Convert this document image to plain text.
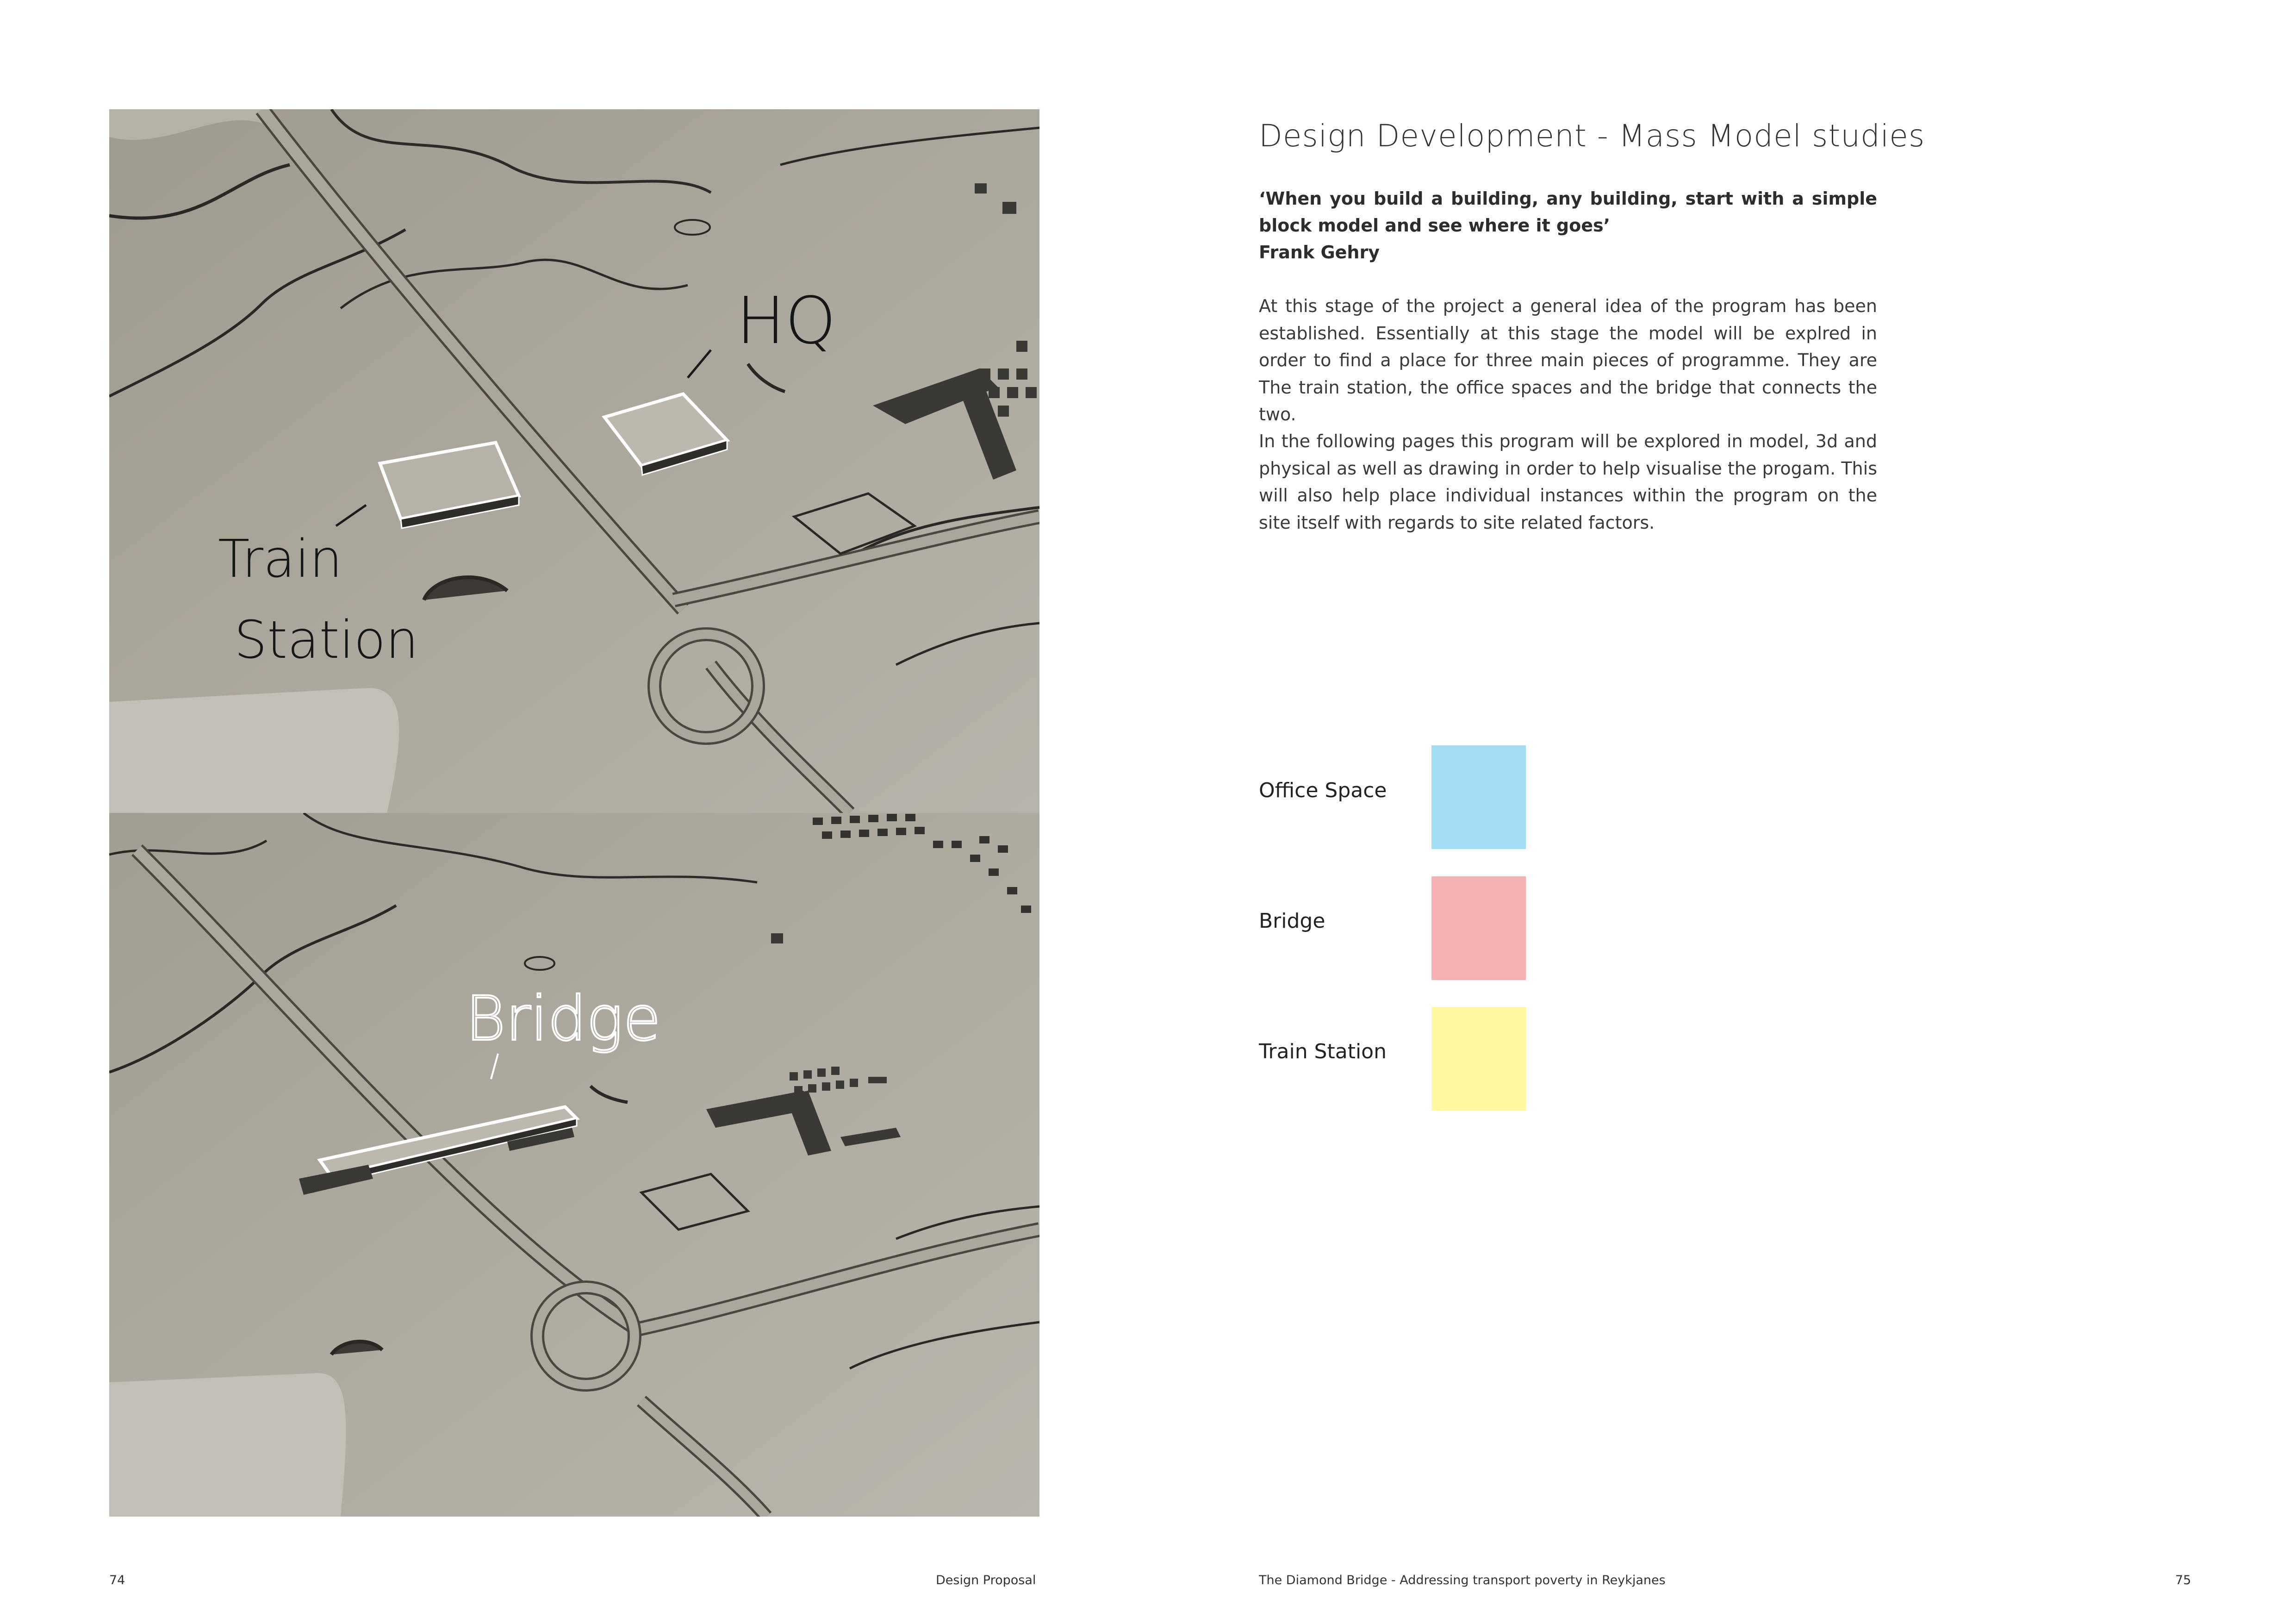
HQ
Train
Station
Bridge
Design Development - Mass Model studies

‘When you build a building, any building, start with a simple block model and see where it goes’

Frank Gehry

At this stage of the project a general idea of the program has been established. Essentially at this stage the model will be explred in order to find a place for three main pieces of programme. They are The train station, the office spaces and the bridge that connects the two.

In the following pages this program will be explored in model, 3d and physical as well as drawing in order to help visualise the progam. This will also help place individual instances within the program on the site itself with regards to site related factors.

Office Space
Bridge
Train Station
74	Design Proposal	The Diamond Bridge - Addressing transport poverty in Reykjanes	75
